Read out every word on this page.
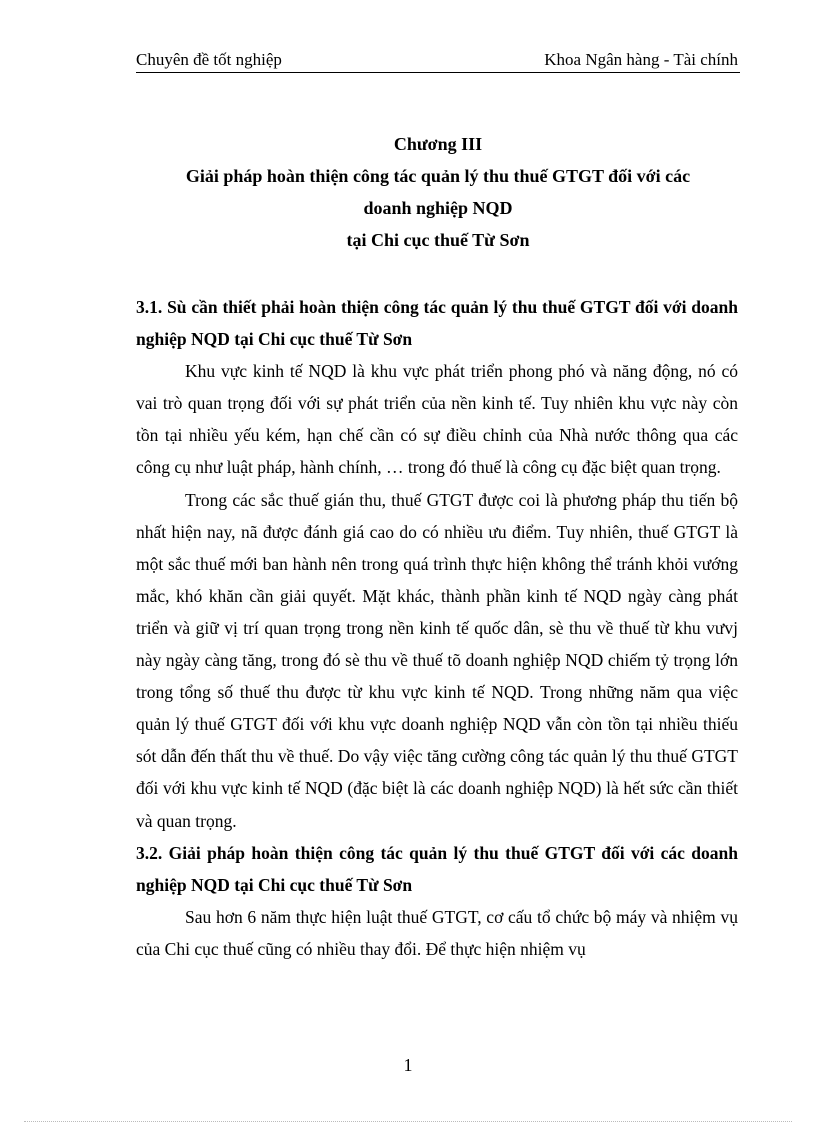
Chuyên đề tốt nghiệp	Khoa Ngân hàng - Tài chính
Chương III
Giải pháp hoàn thiện công tác quản lý thu thuế GTGT đối với các
doanh nghiệp NQD
tại Chi cục thuế Từ Sơn

3.1. Sù cần thiết phải hoàn thiện công tác quản lý thu thuế GTGT đối với doanh nghiệp NQD tại Chi cục thuế Từ Sơn

Khu vực kinh tế NQD là khu vực phát triển phong phó và năng động, nó có vai trò quan trọng đối với sự phát triển của nền kinh tế. Tuy nhiên khu vực này còn tồn tại nhiều yếu kém, hạn chế cần có sự điều chỉnh của Nhà nước thông qua các công cụ như luật pháp, hành chính, … trong đó thuế là công cụ đặc biệt quan trọng.

Trong các sắc thuế gián thu, thuế GTGT được coi là phương pháp thu tiến bộ nhất hiện nay, nã được đánh giá cao do có nhiều ưu điểm. Tuy nhiên, thuế GTGT là một sắc thuế mới ban hành nên trong quá trình thực hiện không thể tránh khỏi vướng mắc, khó khăn cần giải quyết. Mặt khác, thành phần kinh tế NQD ngày càng phát triển và giữ vị trí quan trọng trong nền kinh tế quốc dân, sè thu về thuế từ khu vưvj này ngày càng tăng, trong đó sè thu về thuế tõ doanh nghiệp NQD chiếm tỷ trọng lớn trong tổng số thuế thu được từ khu vực kinh tế NQD. Trong những năm qua việc quản lý thuế GTGT đối với khu vực doanh nghiệp NQD vẫn còn tồn tại nhiều thiếu sót dẫn đến thất thu về thuế. Do vậy việc tăng cường công tác quản lý thu thuế GTGT đối với khu vực kinh tế NQD (đặc biệt là các doanh nghiệp NQD) là hết sức cần thiết và quan trọng.

3.2. Giải pháp hoàn thiện công tác quản lý thu thuế GTGT đối với các doanh nghiệp NQD tại Chi cục thuế Từ Sơn

Sau hơn 6 năm thực hiện luật thuế GTGT, cơ cấu tổ chức bộ máy và nhiệm vụ của Chi cục thuế cũng có nhiều thay đổi. Để thực hiện nhiệm vụ

1
